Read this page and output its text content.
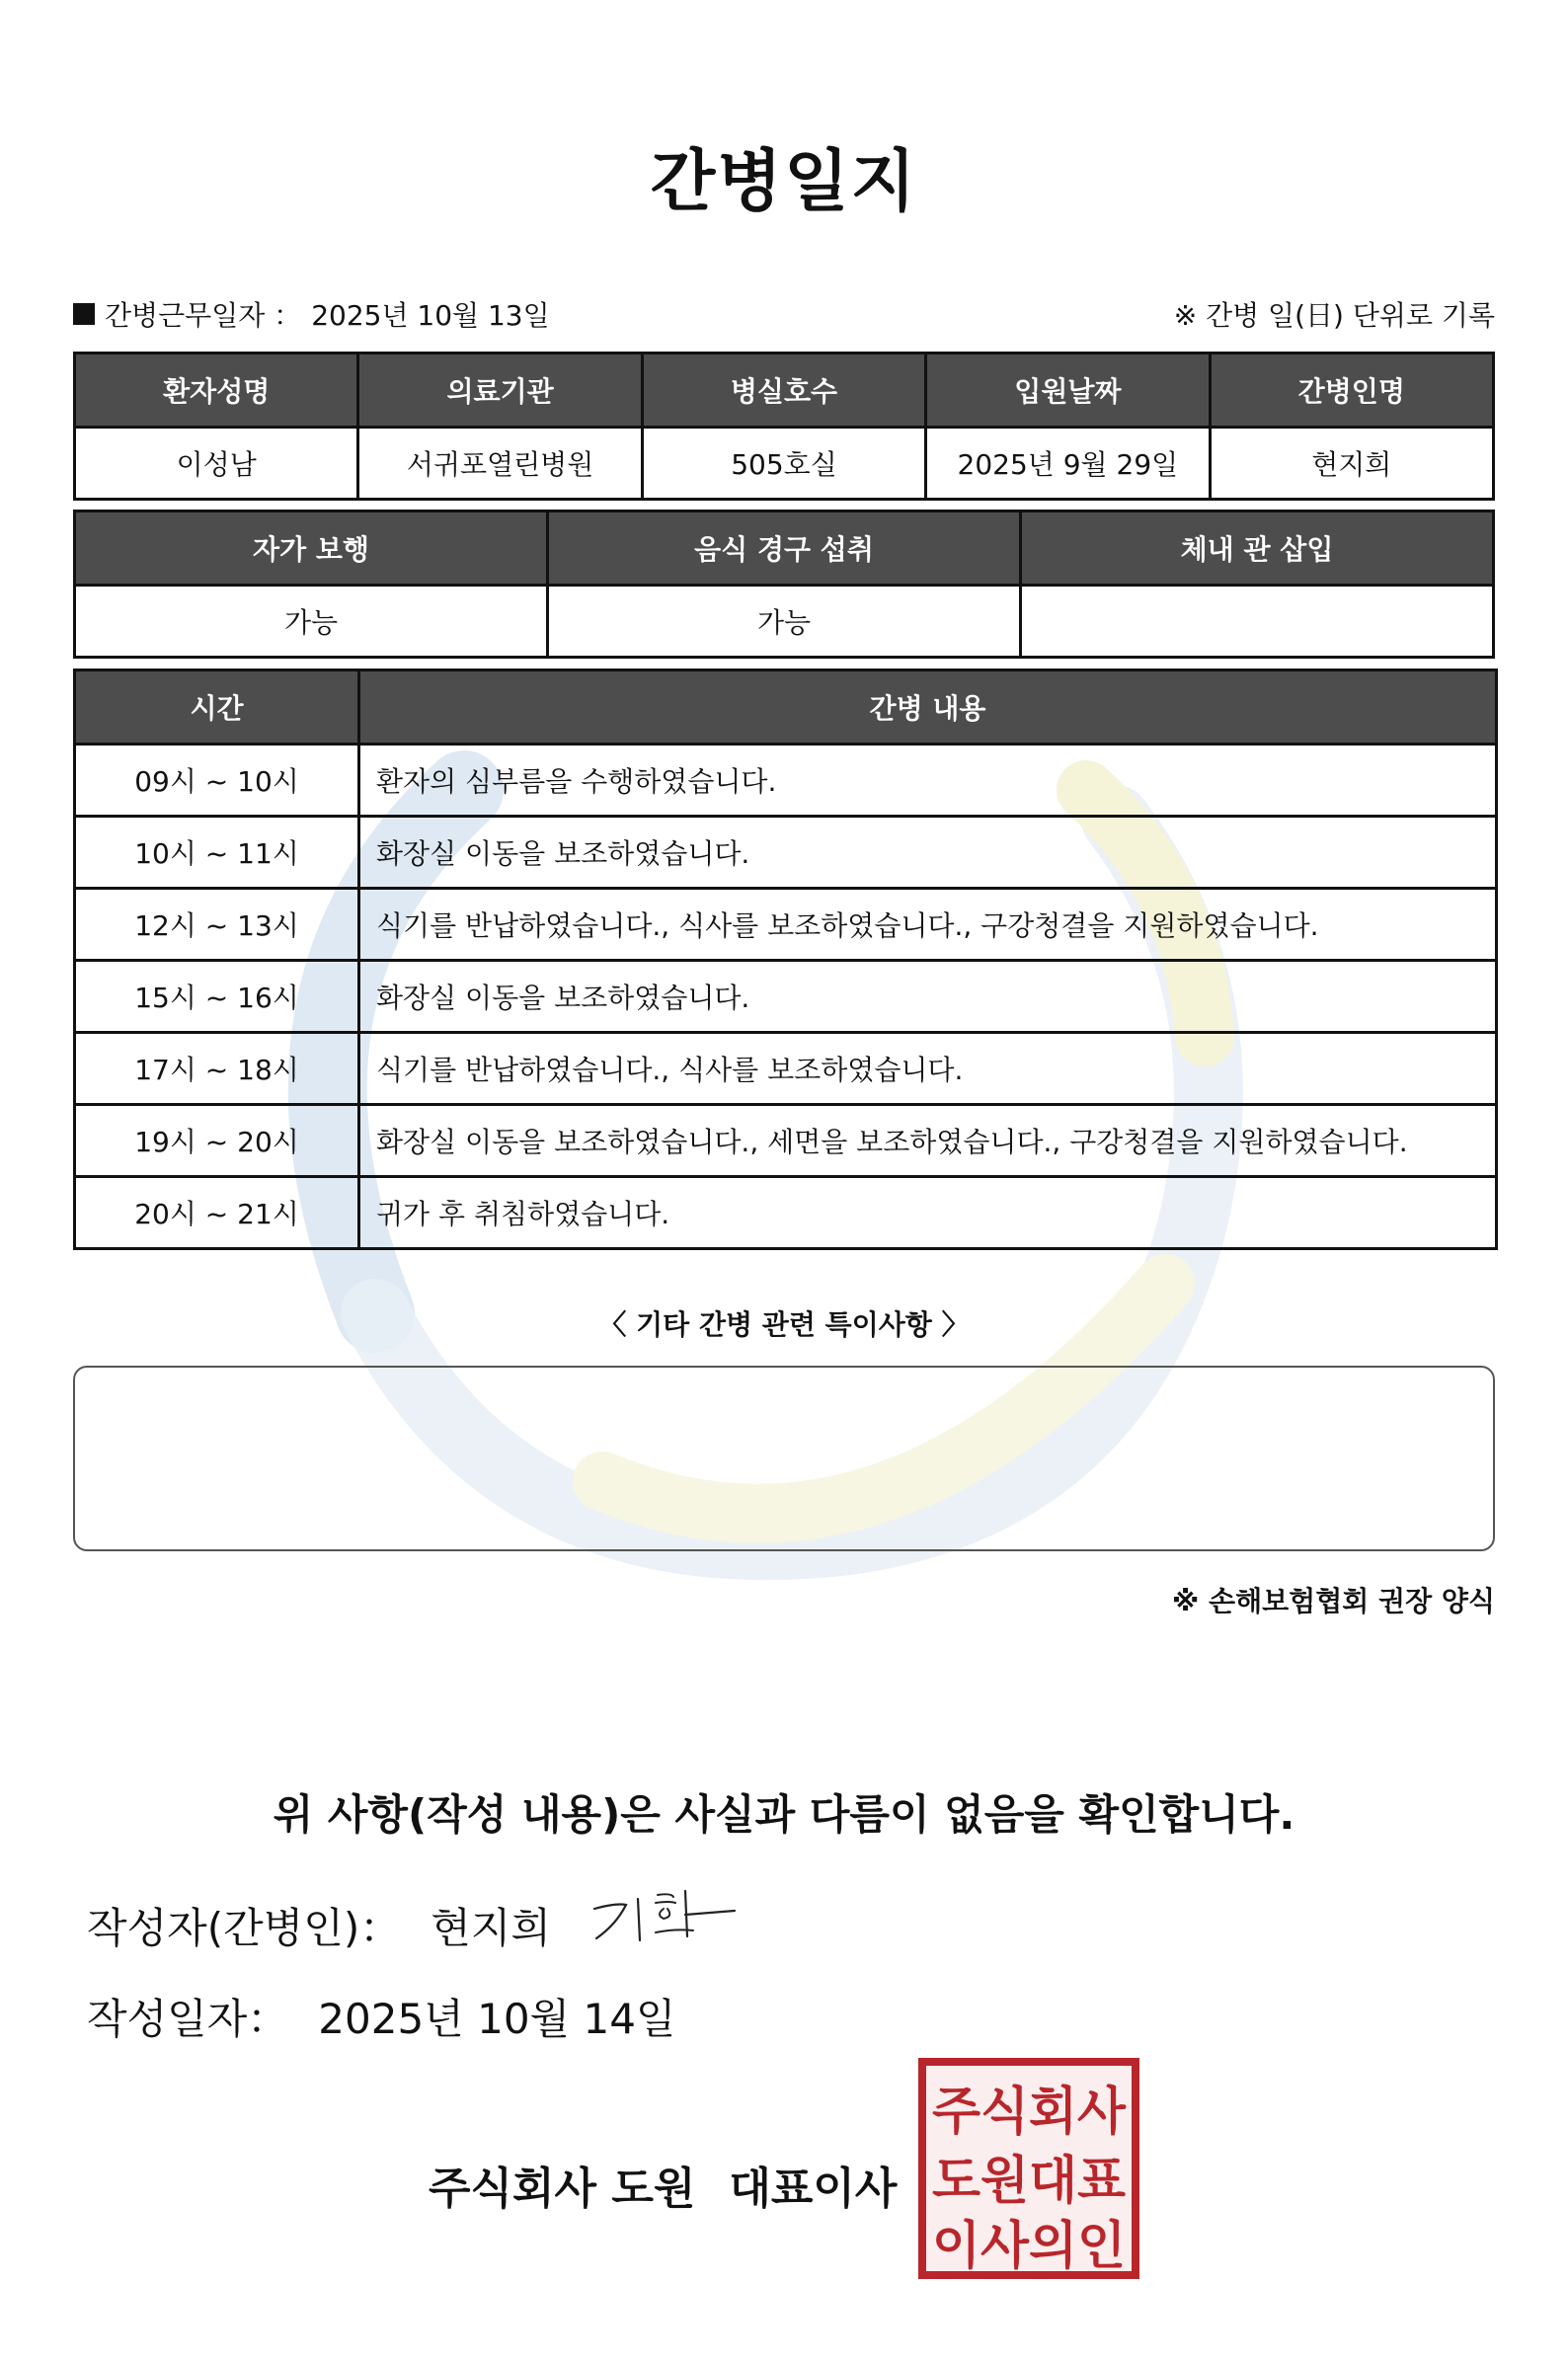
간병일지
간병근무일자 ： 2025년 10월 13일	※ 간병 일(日) 단위로 기록
환자성명	의료기관	병실호수	입원날짜	간병인명
이성남	서귀포열린병원	505호실	2025년 9월 29일	현지희
자가 보행	음식 경구 섭취	체내 관 삽입
가능	가능	
시간	간병 내용
09시 ~ 10시	환자의 심부름을 수행하였습니다.
10시 ~ 11시	화장실 이동을 보조하였습니다.
12시 ~ 13시	식기를 반납하였습니다., 식사를 보조하였습니다., 구강청결을 지원하였습니다.
15시 ~ 16시	화장실 이동을 보조하였습니다.
17시 ~ 18시	식기를 반납하였습니다., 식사를 보조하였습니다.
19시 ~ 20시	화장실 이동을 보조하였습니다., 세면을 보조하였습니다., 구강청결을 지원하였습니다.
20시 ~ 21시	귀가 후 취침하였습니다.
〈 기타 간병 관련 특이사항 〉
※ 손해보험협회 권장 양식
위 사항(작성 내용)은 사실과 다름이 없음을 확인합니다.
작성자(간병인)： 현지희
작성일자： 2025년 10월 14일
주식회사 도원 대표이사
주식회사
도원대표
이사의인
